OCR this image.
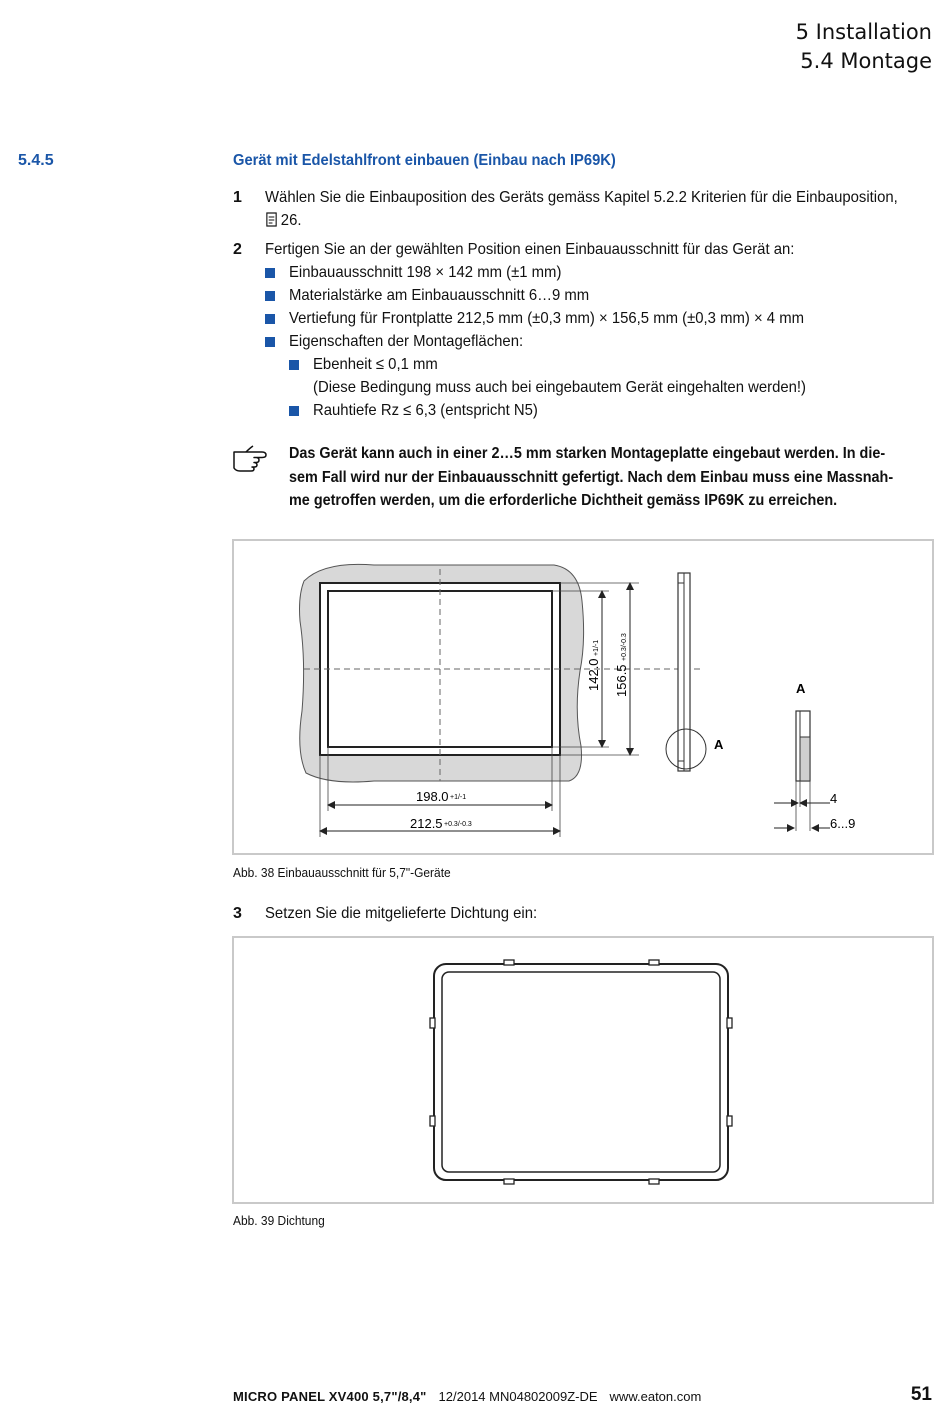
5 Installation
5.4 Montage
5.4.5	Gerät mit Edelstahlfront einbauen (Einbau nach IP69K)
1 Wählen Sie die Einbauposition des Geräts gemäss Kapitel 5.2.2 Kriterien für die Einbauposition,
26.
2 Fertigen Sie an der gewählten Position einen Einbauausschnitt für das Gerät an:
Einbauausschnitt 198 × 142 mm (±1 mm)
Materialstärke am Einbauausschnitt 6…9 mm
Vertiefung für Frontplatte 212,5 mm (±0,3 mm) × 156,5 mm (±0,3 mm) × 4 mm
Eigenschaften der Montageflächen:
Ebenheit ≤ 0,1 mm
(Diese Bedingung muss auch bei eingebautem Gerät eingehalten werden!)
Rauhtiefe Rz ≤ 6,3 (entspricht N5)
Das Gerät kann auch in einer 2…5 mm starken Montageplatte eingebaut werden. In die-
sem Fall wird nur der Einbauausschnitt gefertigt. Nach dem Einbau muss eine Massnah-
me getroffen werden, um die erforderliche Dichtheit gemäss IP69K zu erreichen.
142.0
+1/-1
156.5
+0.3/-0.3
198.0 +1/-1
212.5 +0.3/-0.3
A
A
4
6...9
Abb. 38 Einbauausschnitt für 5,7"-Geräte
3 Setzen Sie die mitgelieferte Dichtung ein:
Abb. 39 Dichtung
MICRO PANEL XV400 5,7"/8,4" 12/2014 MN04802009Z-DE www.eaton.com	51
